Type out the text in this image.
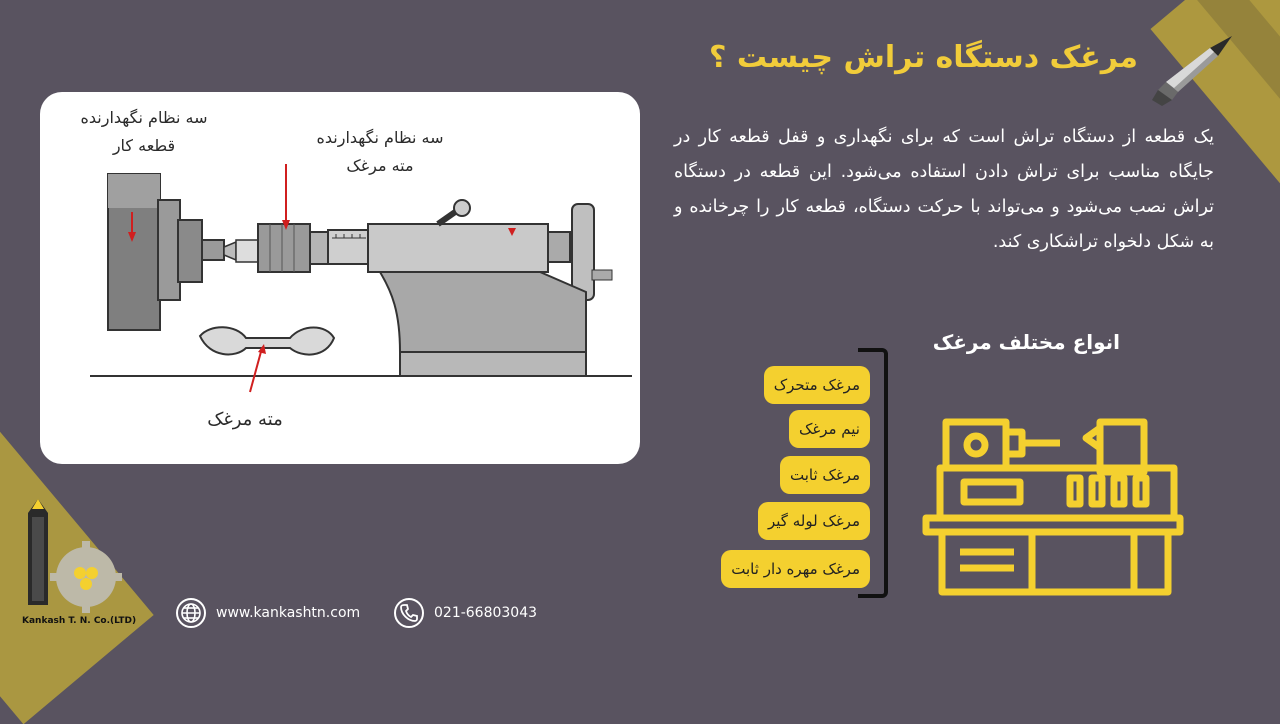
مرغک دستگاه تراش چیست ؟

یک قطعه از دستگاه تراش است که برای نگهداری و قفل قطعه کار در جایگاه مناسب برای تراش دادن استفاده می‌شود. این قطعه در دستگاه تراش نصب می‌شود و می‌تواند با حرکت دستگاه، قطعه کار را چرخانده و به شکل دلخواه تراشکاری کند.

سه نظام نگهدارنده
قطعه کار	سه نظام نگهدارنده
مته مرغک
مته مرغک
انواع مختلف مرغک
مرغک متحرک
نیم مرغک
مرغک ثابت
مرغک لوله گیر
مرغک مهره دار ثابت
www.kankashtn.com	021-66803043
Kankash T. N. Co.(LTD)
